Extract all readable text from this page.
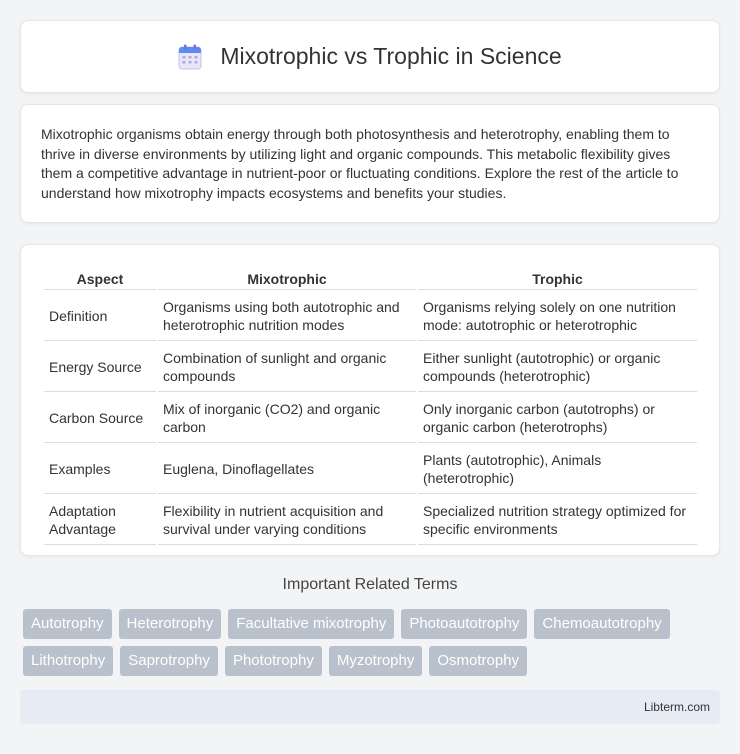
Mixotrophic vs Trophic in Science

Mixotrophic organisms obtain energy through both photosynthesis and heterotrophy, enabling them to thrive in diverse environments by utilizing light and organic compounds. This metabolic flexibility gives them a competitive advantage in nutrient-poor or fluctuating conditions. Explore the rest of the article to understand how mixotrophy impacts ecosystems and benefits your studies.

Aspect	Mixotrophic	Trophic
Definition	Organisms using both autotrophic and heterotrophic nutrition modes	Organisms relying solely on one nutrition mode: autotrophic or heterotrophic
Energy Source	Combination of sunlight and organic compounds	Either sunlight (autotrophic) or organic compounds (heterotrophic)
Carbon Source	Mix of inorganic (CO2) and organic carbon	Only inorganic carbon (autotrophs) or organic carbon (heterotrophs)
Examples	Euglena, Dinoflagellates	Plants (autotrophic), Animals (heterotrophic)
Adaptation Advantage	Flexibility in nutrient acquisition and survival under varying conditions	Specialized nutrition strategy optimized for specific environments
Important Related Terms
Autotrophy	Heterotrophy	Facultative mixotrophy	Photoautotrophy	Chemoautotrophy
Lithotrophy	Saprotrophy	Phototrophy	Myzotrophy	Osmotrophy
Libterm.com
